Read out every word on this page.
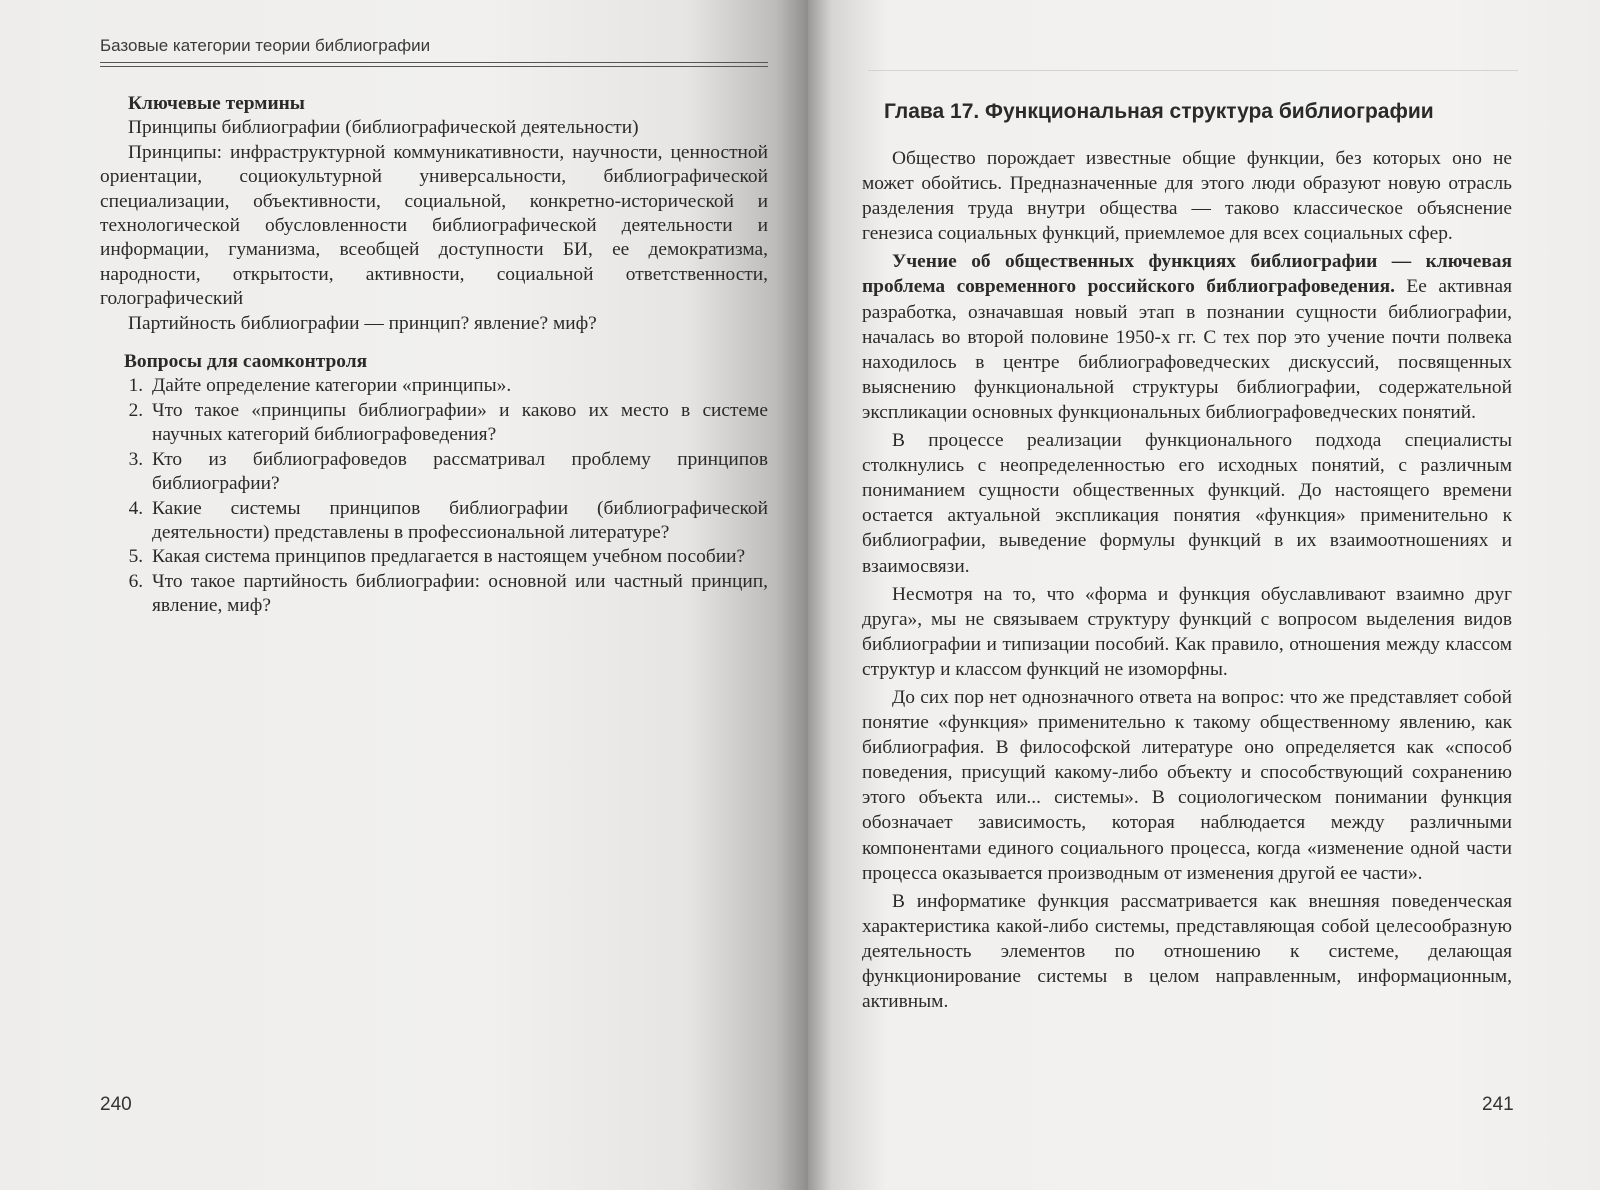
Базовые категории теории библиографии
Ключевые термины

Принципы библиографии (библиографической деятельности)

Принципы: инфраструктурной коммуникативности, научности, ценностной ориентации, социокультурной универсальности, библиографической специализации, объективности, социальной, конкретно-исторической и технологической обусловленности библиографической деятельности и информации, гуманизма, всеобщей доступности БИ, ее демократизма, народности, открытости, активности, социальной ответственности, голографический

Партийность библиографии — принцип? явление? миф?

Вопросы для саомконтроля
1. Дайте определение категории «принципы».
2. Что такое «принципы библиографии» и каково их место в системе научных категорий библиографоведения?
3. Кто из библиографоведов рассматривал проблему принципов библиографии?
4. Какие системы принципов библиографии (библиографической деятельности) представлены в профессиональной литературе?
5. Какая система принципов предлагается в настоящем учебном пособии?
6. Что такое партийность библиографии: основной или частный принцип, явление, миф?
240
Глава 17. Функциональная структура библиографии

Общество порождает известные общие функции, без которых оно не может обойтись. Предназначенные для этого люди образуют новую отрасль разделения труда внутри общества — таково классическое объяснение генезиса социальных функций, приемлемое для всех социальных сфер.

Учение об общественных функциях библиографии — ключевая проблема современного российского библиографоведения. Ее активная разработка, означавшая новый этап в познании сущности библиографии, началась во второй половине 1950-х гг. С тех пор это учение почти полвека находилось в центре библиографоведческих дискуссий, посвященных выяснению функциональной структуры библиографии, содержательной экспликации основных функциональных библиографоведческих понятий.

В процессе реализации функционального подхода специалисты столкнулись с неопределенностью его исходных понятий, с различным пониманием сущности общественных функций. До настоящего времени остается актуальной экспликация понятия «функция» применительно к библиографии, выведение формулы функций в их взаимоотношениях и взаимосвязи.

Несмотря на то, что «форма и функция обуславливают взаимно друг друга», мы не связываем структуру функций с вопросом выделения видов библиографии и типизации пособий. Как правило, отношения между классом структур и классом функций не изоморфны.

До сих пор нет однозначного ответа на вопрос: что же представляет собой понятие «функция» применительно к такому общественному явлению, как библиография. В философской литературе оно определяется как «способ поведения, присущий какому-либо объекту и способствующий сохранению этого объекта или... системы». В социологическом понимании функция обозначает зависимость, которая наблюдается между различными компонентами единого социального процесса, когда «изменение одной части процесса оказывается производным от изменения другой ее части».

В информатике функция рассматривается как внешняя поведенческая характеристика какой-либо системы, представляющая собой целесообразную деятельность элементов по отношению к системе, делающая функционирование системы в целом направленным, информационным, активным.

241
